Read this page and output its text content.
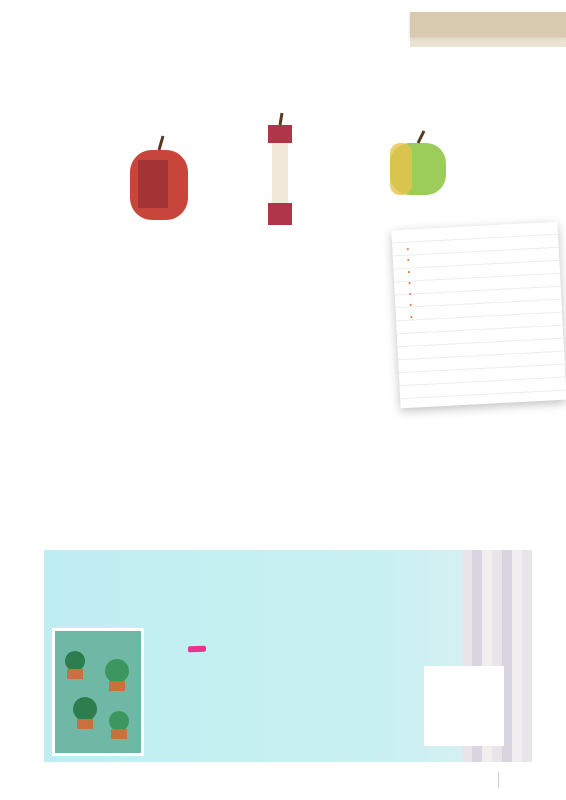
•
•
•
•
•
•
•
